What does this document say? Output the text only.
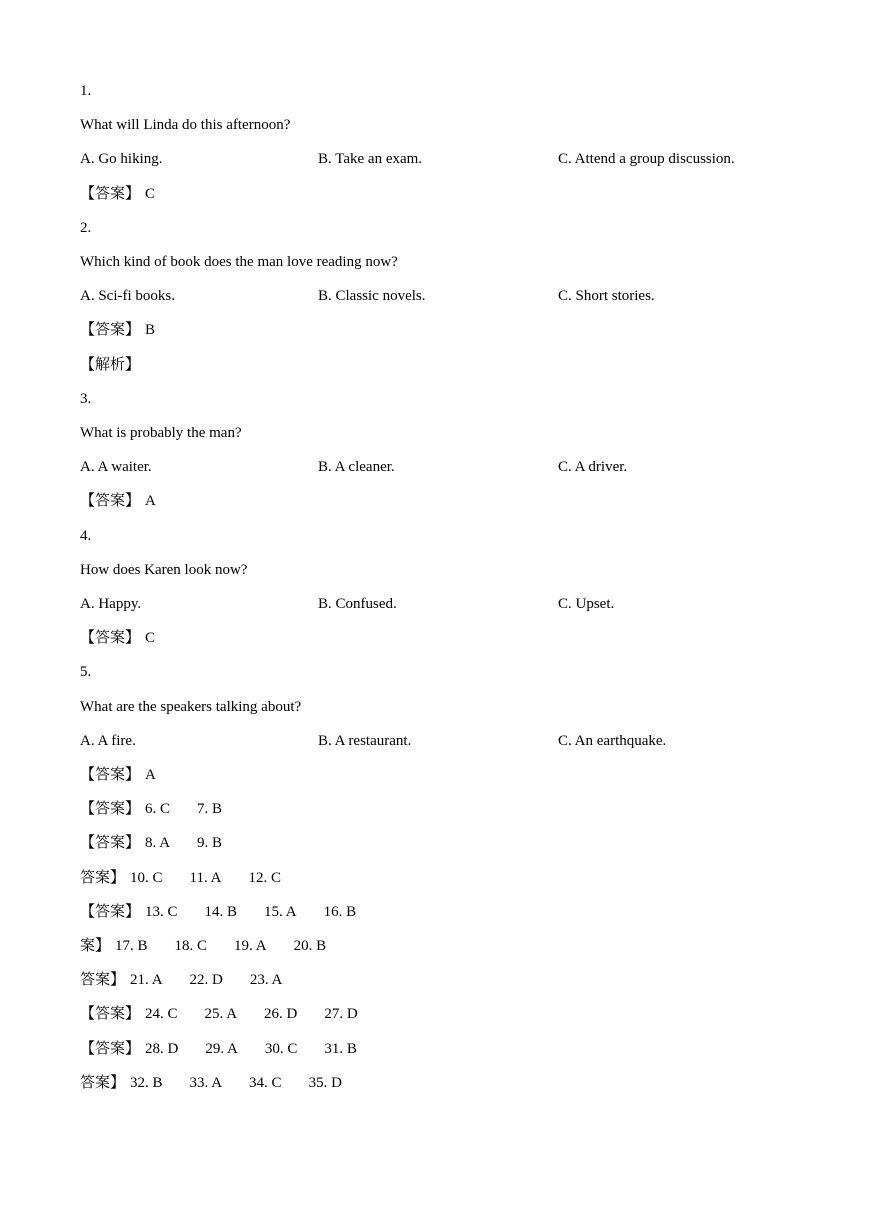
1.
What will Linda do this afternoon?
A. Go hiking.	B. Take an exam.	C. Attend a group discussion.
【答案】 C
2.
Which kind of book does the man love reading now?
A. Sci-fi books.	B. Classic novels.	C. Short stories.
【答案】 B
【解析】
3.
What is probably the man?
A. A waiter.	B. A cleaner.	C. A driver.
【答案】 A
4.
How does Karen look now?
A. Happy.	B. Confused.	C. Upset.
【答案】 C
5.
What are the speakers talking about?
A. A fire.	B. A restaurant.	C. An earthquake.
【答案】 A
【答案】 6. C 7. B
【答案】 8. A 9. B
答案】 10. C 11. A 12. C
【答案】 13. C 14. B 15. A 16. B
案】 17. B 18. C 19. A 20. B
答案】 21. A 22. D 23. A
【答案】 24. C 25. A 26. D 27. D
【答案】 28. D 29. A 30. C 31. B
答案】 32. B 33. A 34. C 35. D
